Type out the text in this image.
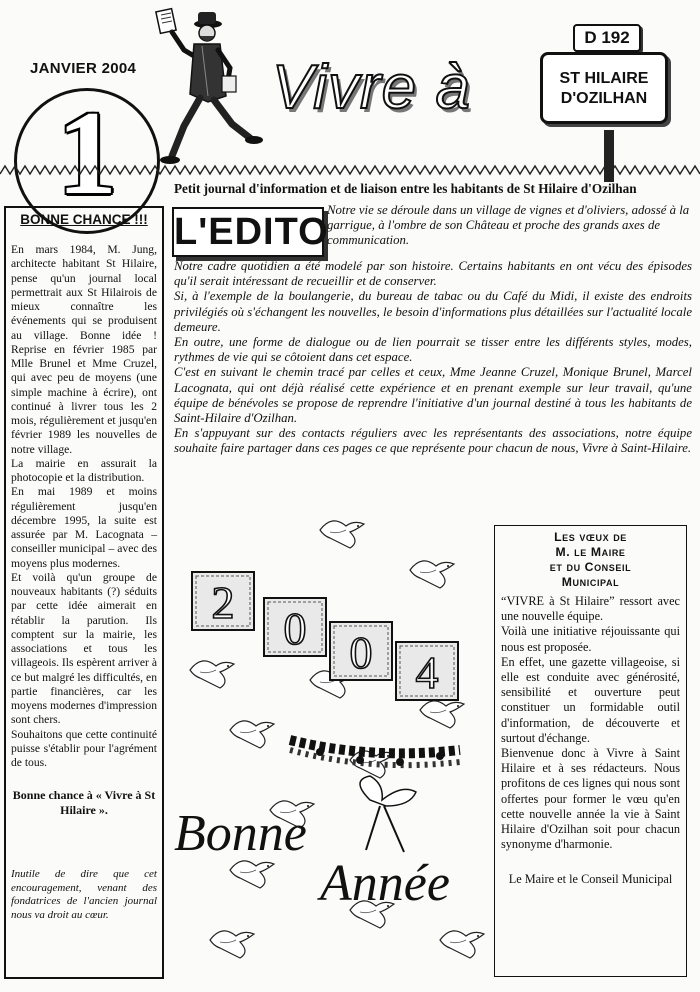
JANVIER 2004
1	Vivre à
D 192
ST HILAIRE
D'OZILHAN
Petit journal d'information et de liaison entre les habitants de St Hilaire d'Ozilhan
BONNE CHANCE !!!

En mars 1984, M. Jung, architecte habitant St Hilaire, pense qu'un journal local permettrait aux St Hilairois de mieux connaître les événements qui se produisent au village. Bonne idée ! Reprise en février 1985 par Mlle Brunel et Mme Cruzel, qui avec peu de moyens (une simple machine à écrire), ont continué à livrer tous les 2 mois, régulièrement et jusqu'en février 1989 les nouvelles de notre village.

La mairie en assurait la photocopie et la distribution.

En mai 1989 et moins régulièrement jusqu'en décembre 1995, la suite est assurée par M. Lacognata – conseiller municipal – avec des moyens plus modernes.

Et voilà qu'un groupe de nouveaux habitants (?) séduits par cette idée aimerait en rétablir la parution. Ils comptent sur la mairie, les associations et tous les villageois. Ils espèrent arriver à ce but malgré les difficultés, en partie financières, car les moyens modernes d'impression sont chers.

Souhaitons que cette continuité puisse s'établir pour l'agrément de tous.

Bonne chance à « Vivre à St Hilaire ».

Inutile de dire que cet encouragement, venant des fondatrices de l'ancien journal nous va droit au cœur.

L'EDITO

Notre vie se déroule dans un village de vignes et d'oliviers, adossé à la garrigue, à l'ombre de son Château et proche des grands axes de communication.

Notre cadre quotidien a été modelé par son histoire. Certains habitants en ont vécu des épisodes qu'il serait intéressant de recueillir et de conserver.

Si, à l'exemple de la boulangerie, du bureau de tabac ou du Café du Midi, il existe des endroits privilégiés où s'échangent les nouvelles, le besoin d'informations plus détaillées sur l'actualité locale demeure.

En outre, une forme de dialogue ou de lien pourrait se tisser entre les différents styles, modes, rythmes de vie qui se côtoient dans cet espace.

C'est en suivant le chemin tracé par celles et ceux, Mme Jeanne Cruzel, Monique Brunel, Marcel Lacognata, qui ont déjà réalisé cette expérience et en prenant exemple sur leur travail, qu'une équipe de bénévoles se propose de reprendre l'initiative d'un journal destiné à tous les habitants de Saint-Hilaire d'Ozilhan.

En s'appuyant sur des contacts réguliers avec les représentants des associations, notre équipe souhaite faire partager dans ces pages ce que représente pour chacun de nous, Vivre à Saint-Hilaire.

2
0 0 4
Bonne
Année
Les vœux de
M. le Maire
et du Conseil
Municipal

“VIVRE à St Hilaire” ressort avec une nouvelle équipe.

Voilà une initiative réjouissante qui nous est proposée.

En effet, une gazette villageoise, si elle est conduite avec générosité, sensibilité et ouverture peut constituer un formidable outil d'information, de découverte et surtout d'échange.

Bienvenue donc à Vivre à Saint Hilaire et à ses rédacteurs. Nous profitons de ces lignes qui nous sont offertes pour former le vœu qu'en cette nouvelle année la vie à Saint Hilaire d'Ozilhan soit pour chacun synonyme d'harmonie.

Le Maire et le Conseil Municipal
